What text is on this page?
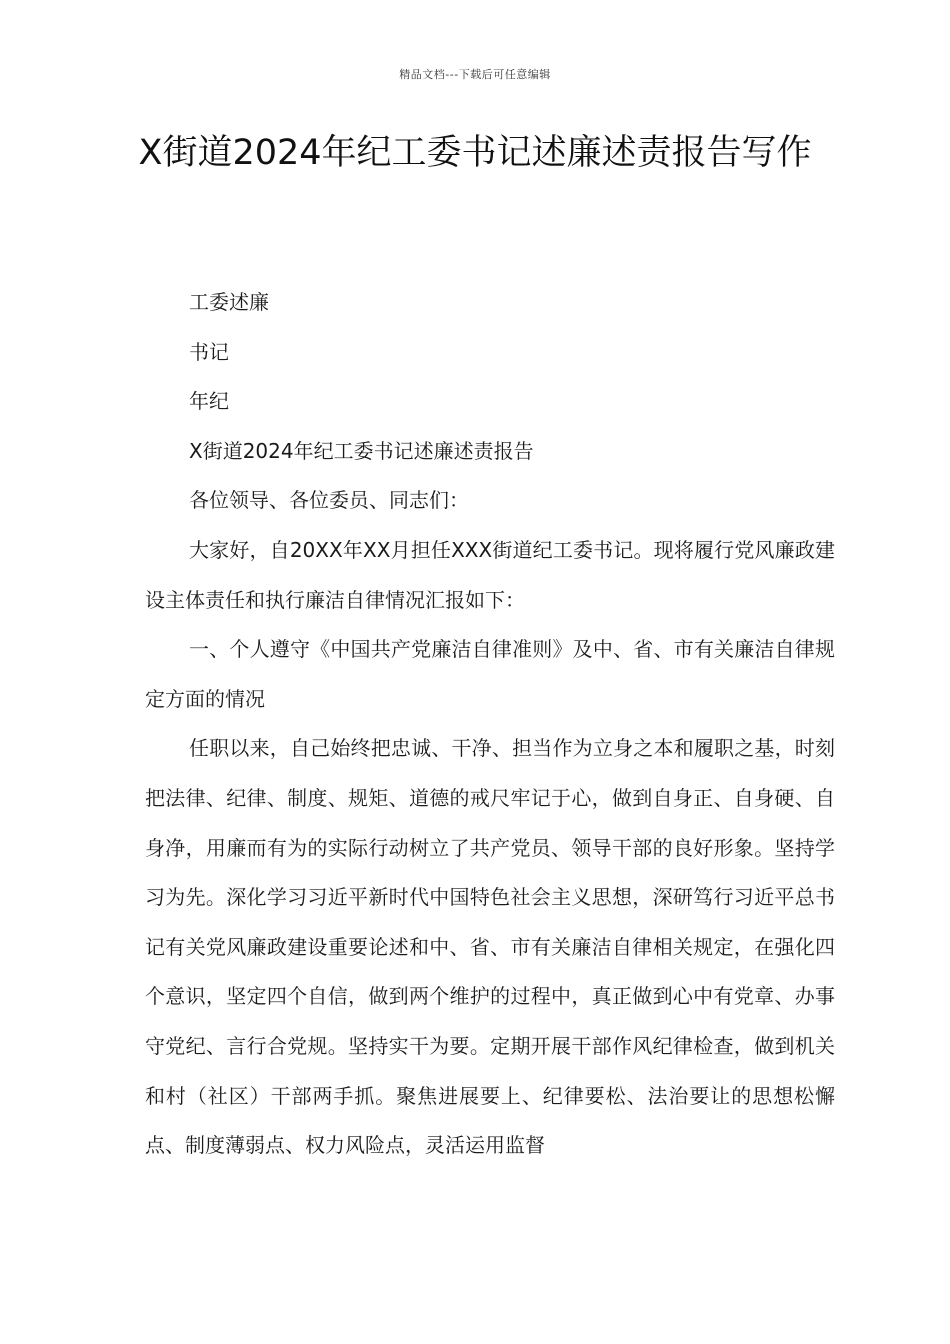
精品文档---下载后可任意编辑
X街道2024年纪工委书记述廉述责报告写作

工委述廉

书记

年纪

X街道2024年纪工委书记述廉述责报告

各位领导、各位委员、同志们：

大家好，自20XX年XX月担任XXX街道纪工委书记。现将履行党风廉政建设主体责任和执行廉洁自律情况汇报如下：

一、个人遵守《中国共产党廉洁自律准则》及中、省、市有关廉洁自律规定方面的情况

任职以来，自己始终把忠诚、干净、担当作为立身之本和履职之基，时刻把法律、纪律、制度、规矩、道德的戒尺牢记于心，做到自身正、自身硬、自身净，用廉而有为的实际行动树立了共产党员、领导干部的良好形象。坚持学习为先。深化学习习近平新时代中国特色社会主义思想，深研笃行习近平总书记有关党风廉政建设重要论述和中、省、市有关廉洁自律相关规定，在强化四个意识，坚定四个自信，做到两个维护的过程中，真正做到心中有党章、办事守党纪、言行合党规。坚持实干为要。定期开展干部作风纪律检查，做到机关和村（社区）干部两手抓。聚焦进展要上、纪律要松、法治要让的思想松懈点、制度薄弱点、权力风险点，灵活运用监督
